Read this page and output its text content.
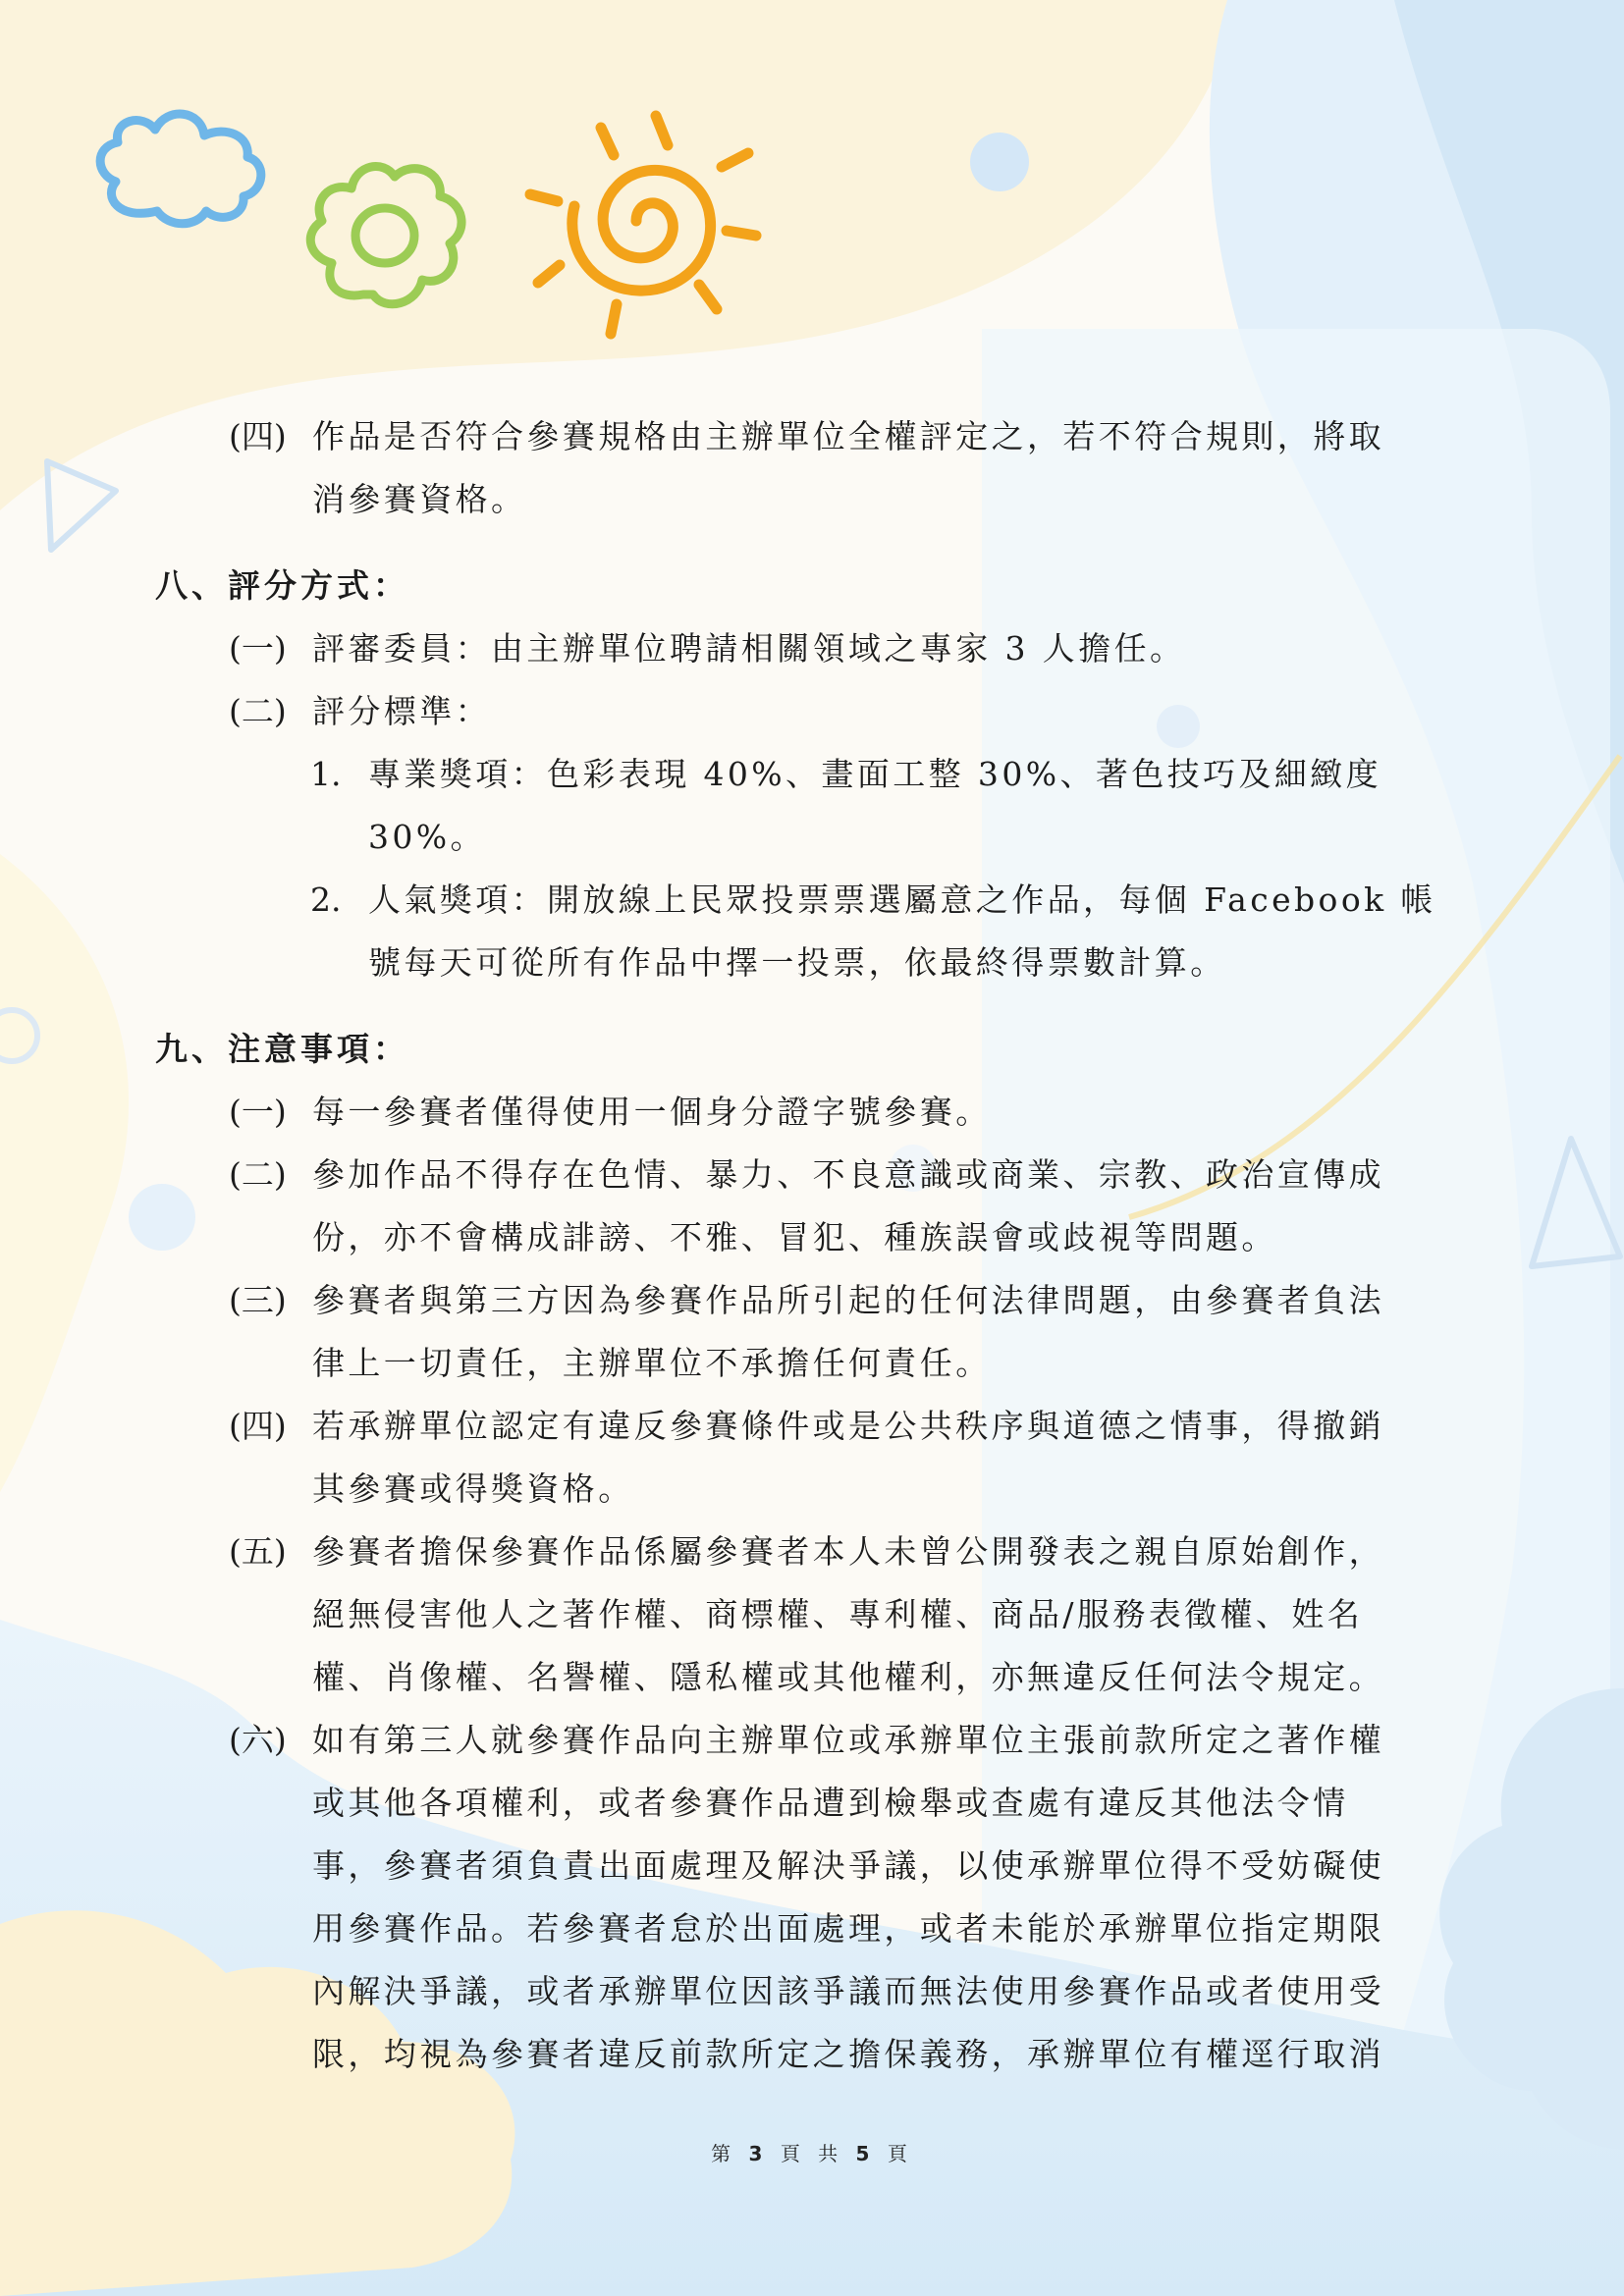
(四) 作品是否符合參賽規格由主辦單位全權評定之，若不符合規則，將取
消參賽資格。
八、評分方式：
(一) 評審委員：由主辦單位聘請相關領域之專家 3 人擔任。
(二) 評分標準：
1. 專業獎項：色彩表現 40%、畫面工整 30%、著色技巧及細緻度
30%。
2. 人氣獎項：開放線上民眾投票票選屬意之作品，每個 Facebook 帳
號每天可從所有作品中擇一投票，依最終得票數計算。
九、注意事項：
(一) 每一參賽者僅得使用一個身分證字號參賽。
(二) 參加作品不得存在色情、暴力、不良意識或商業、宗教、政治宣傳成
份，亦不會構成誹謗、不雅、冒犯、種族誤會或歧視等問題。
(三) 參賽者與第三方因為參賽作品所引起的任何法律問題，由參賽者負法
律上一切責任，主辦單位不承擔任何責任。
(四) 若承辦單位認定有違反參賽條件或是公共秩序與道德之情事，得撤銷
其參賽或得獎資格。
(五) 參賽者擔保參賽作品係屬參賽者本人未曾公開發表之親自原始創作，
絕無侵害他人之著作權、商標權、專利權、商品/服務表徵權、姓名
權、肖像權、名譽權、隱私權或其他權利，亦無違反任何法令規定。
(六) 如有第三人就參賽作品向主辦單位或承辦單位主張前款所定之著作權
或其他各項權利，或者參賽作品遭到檢舉或查處有違反其他法令情
事，參賽者須負責出面處理及解決爭議，以使承辦單位得不受妨礙使
用參賽作品。若參賽者怠於出面處理，或者未能於承辦單位指定期限
內解決爭議，或者承辦單位因該爭議而無法使用參賽作品或者使用受
限，均視為參賽者違反前款所定之擔保義務，承辦單位有權逕行取消
第 3 頁 共 5 頁
